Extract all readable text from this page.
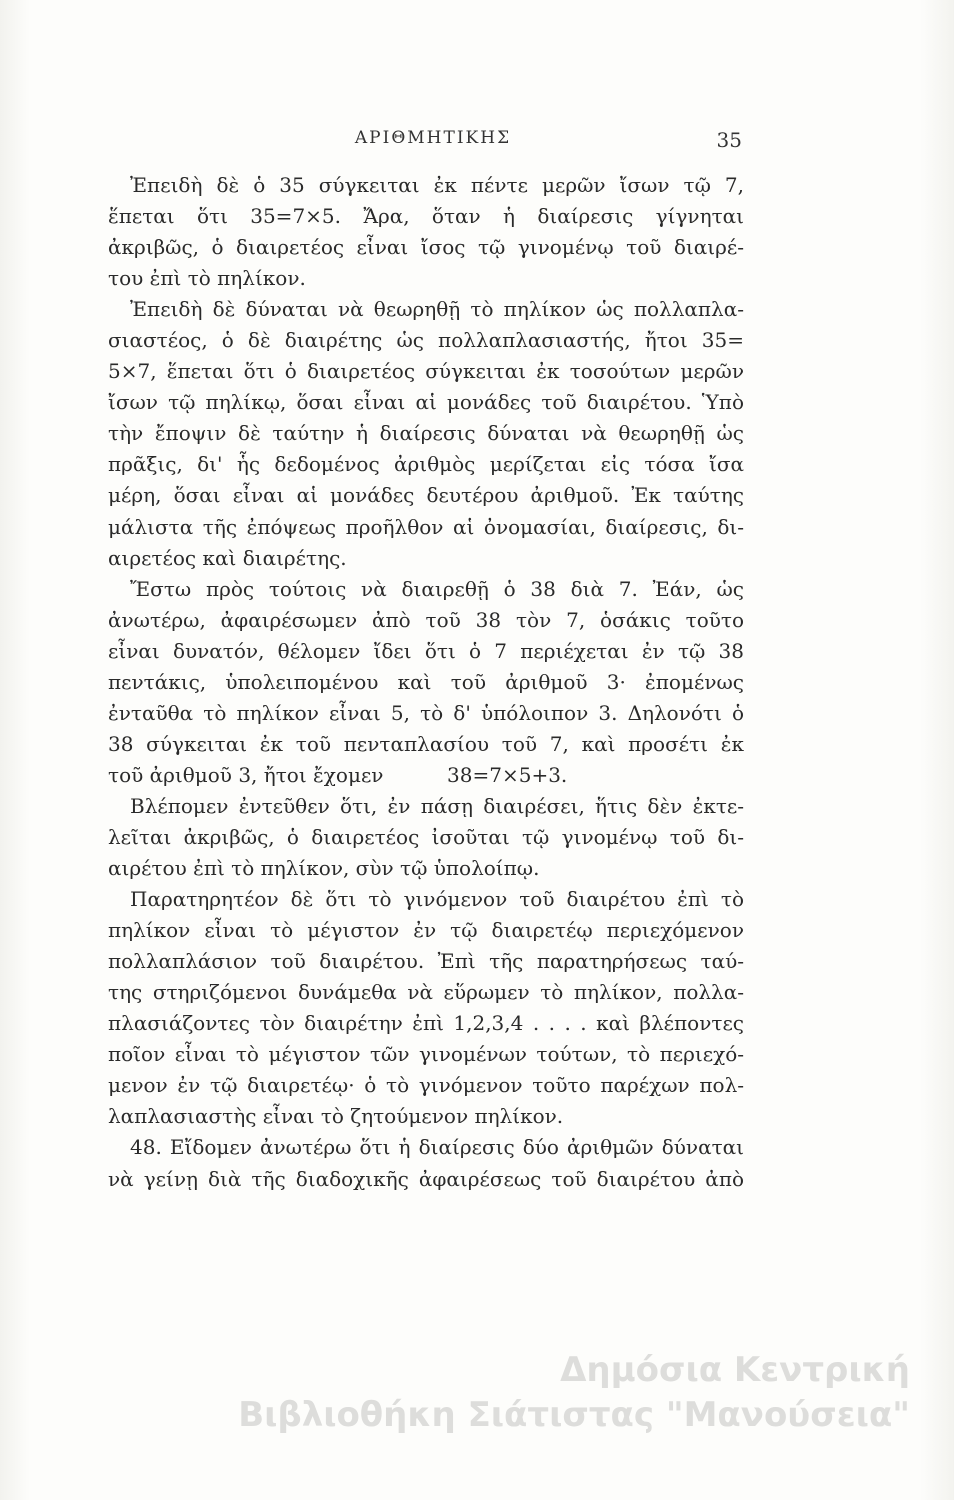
ΑΡΙΘΜΗΤΙΚΗΣ	35
Ἐπειδὴ δὲ ὁ 35 σύγκειται ἐκ πέντε μερῶν ἴσων τῷ 7,
ἕπεται ὅτι 35=7×5. Ἄρα, ὅταν ἡ διαίρεσις γίγνηται
ἀκριβῶς, ὁ διαιρετέος εἶναι ἴσος τῷ γινομένῳ τοῦ διαιρέ-
του ἐπὶ τὸ πηλίκον.
Ἐπειδὴ δὲ δύναται νὰ θεωρηθῇ τὸ πηλίκον ὡς πολλαπλα-
σιαστέος, ὁ δὲ διαιρέτης ὡς πολλαπλασιαστής, ἤτοι 35=
5×7, ἕπεται ὅτι ὁ διαιρετέος σύγκειται ἐκ τοσούτων μερῶν
ἴσων τῷ πηλίκῳ, ὅσαι εἶναι αἱ μονάδες τοῦ διαιρέτου. Ὑπὸ
τὴν ἔποψιν δὲ ταύτην ἡ διαίρεσις δύναται νὰ θεωρηθῇ ὡς
πρᾶξις, δι' ἧς δεδομένος ἀριθμὸς μερίζεται εἰς τόσα ἴσα
μέρη, ὅσαι εἶναι αἱ μονάδες δευτέρου ἀριθμοῦ. Ἐκ ταύτης
μάλιστα τῆς ἐπόψεως προῆλθον αἱ ὀνομασίαι, διαίρεσις, δι-
αιρετέος καὶ διαιρέτης.
Ἔστω πρὸς τούτοις νὰ διαιρεθῇ ὁ 38 διὰ 7. Ἐάν, ὡς
ἀνωτέρω, ἀφαιρέσωμεν ἀπὸ τοῦ 38 τὸν 7, ὁσάκις τοῦτο
εἶναι δυνατόν, θέλομεν ἴδει ὅτι ὁ 7 περιέχεται ἐν τῷ 38
πεντάκις, ὑπολειπομένου καὶ τοῦ ἀριθμοῦ 3· ἐπομένως
ἐνταῦθα τὸ πηλίκον εἶναι 5, τὸ δ' ὑπόλοιπον 3. Δηλονότι ὁ
38 σύγκειται ἐκ τοῦ πενταπλασίου τοῦ 7, καὶ προσέτι ἐκ
τοῦ ἀριθμοῦ 3, ἤτοι ἔχομεν          38=7×5+3.
Βλέπομεν ἐντεῦθεν ὅτι, ἐν πάσῃ διαιρέσει, ἥτις δὲν ἐκτε-
λεῖται ἀκριβῶς, ὁ διαιρετέος ἰσοῦται τῷ γινομένῳ τοῦ δι-
αιρέτου ἐπὶ τὸ πηλίκον, σὺν τῷ ὑπολοίπῳ.
Παρατηρητέον δὲ ὅτι τὸ γινόμενον τοῦ διαιρέτου ἐπὶ τὸ
πηλίκον εἶναι τὸ μέγιστον ἐν τῷ διαιρετέῳ περιεχόμενον
πολλαπλάσιον τοῦ διαιρέτου. Ἐπὶ τῆς παρατηρήσεως ταύ-
της στηριζόμενοι δυνάμεθα νὰ εὕρωμεν τὸ πηλίκον, πολλα-
πλασιάζοντες τὸν διαιρέτην ἐπὶ 1,2,3,4 . . . . καὶ βλέποντες
ποῖον εἶναι τὸ μέγιστον τῶν γινομένων τούτων, τὸ περιεχό-
μενον ἐν τῷ διαιρετέῳ· ὁ τὸ γινόμενον τοῦτο παρέχων πολ-
λαπλασιαστὴς εἶναι τὸ ζητούμενον πηλίκον.
48. Εἴδομεν ἀνωτέρω ὅτι ἡ διαίρεσις δύο ἀριθμῶν δύναται
νὰ γείνῃ διὰ τῆς διαδοχικῆς ἀφαιρέσεως τοῦ διαιρέτου ἀπὸ
Δημόσια Κεντρική
Βιβλιοθήκη Σιάτιστας "Μανούσεια"
